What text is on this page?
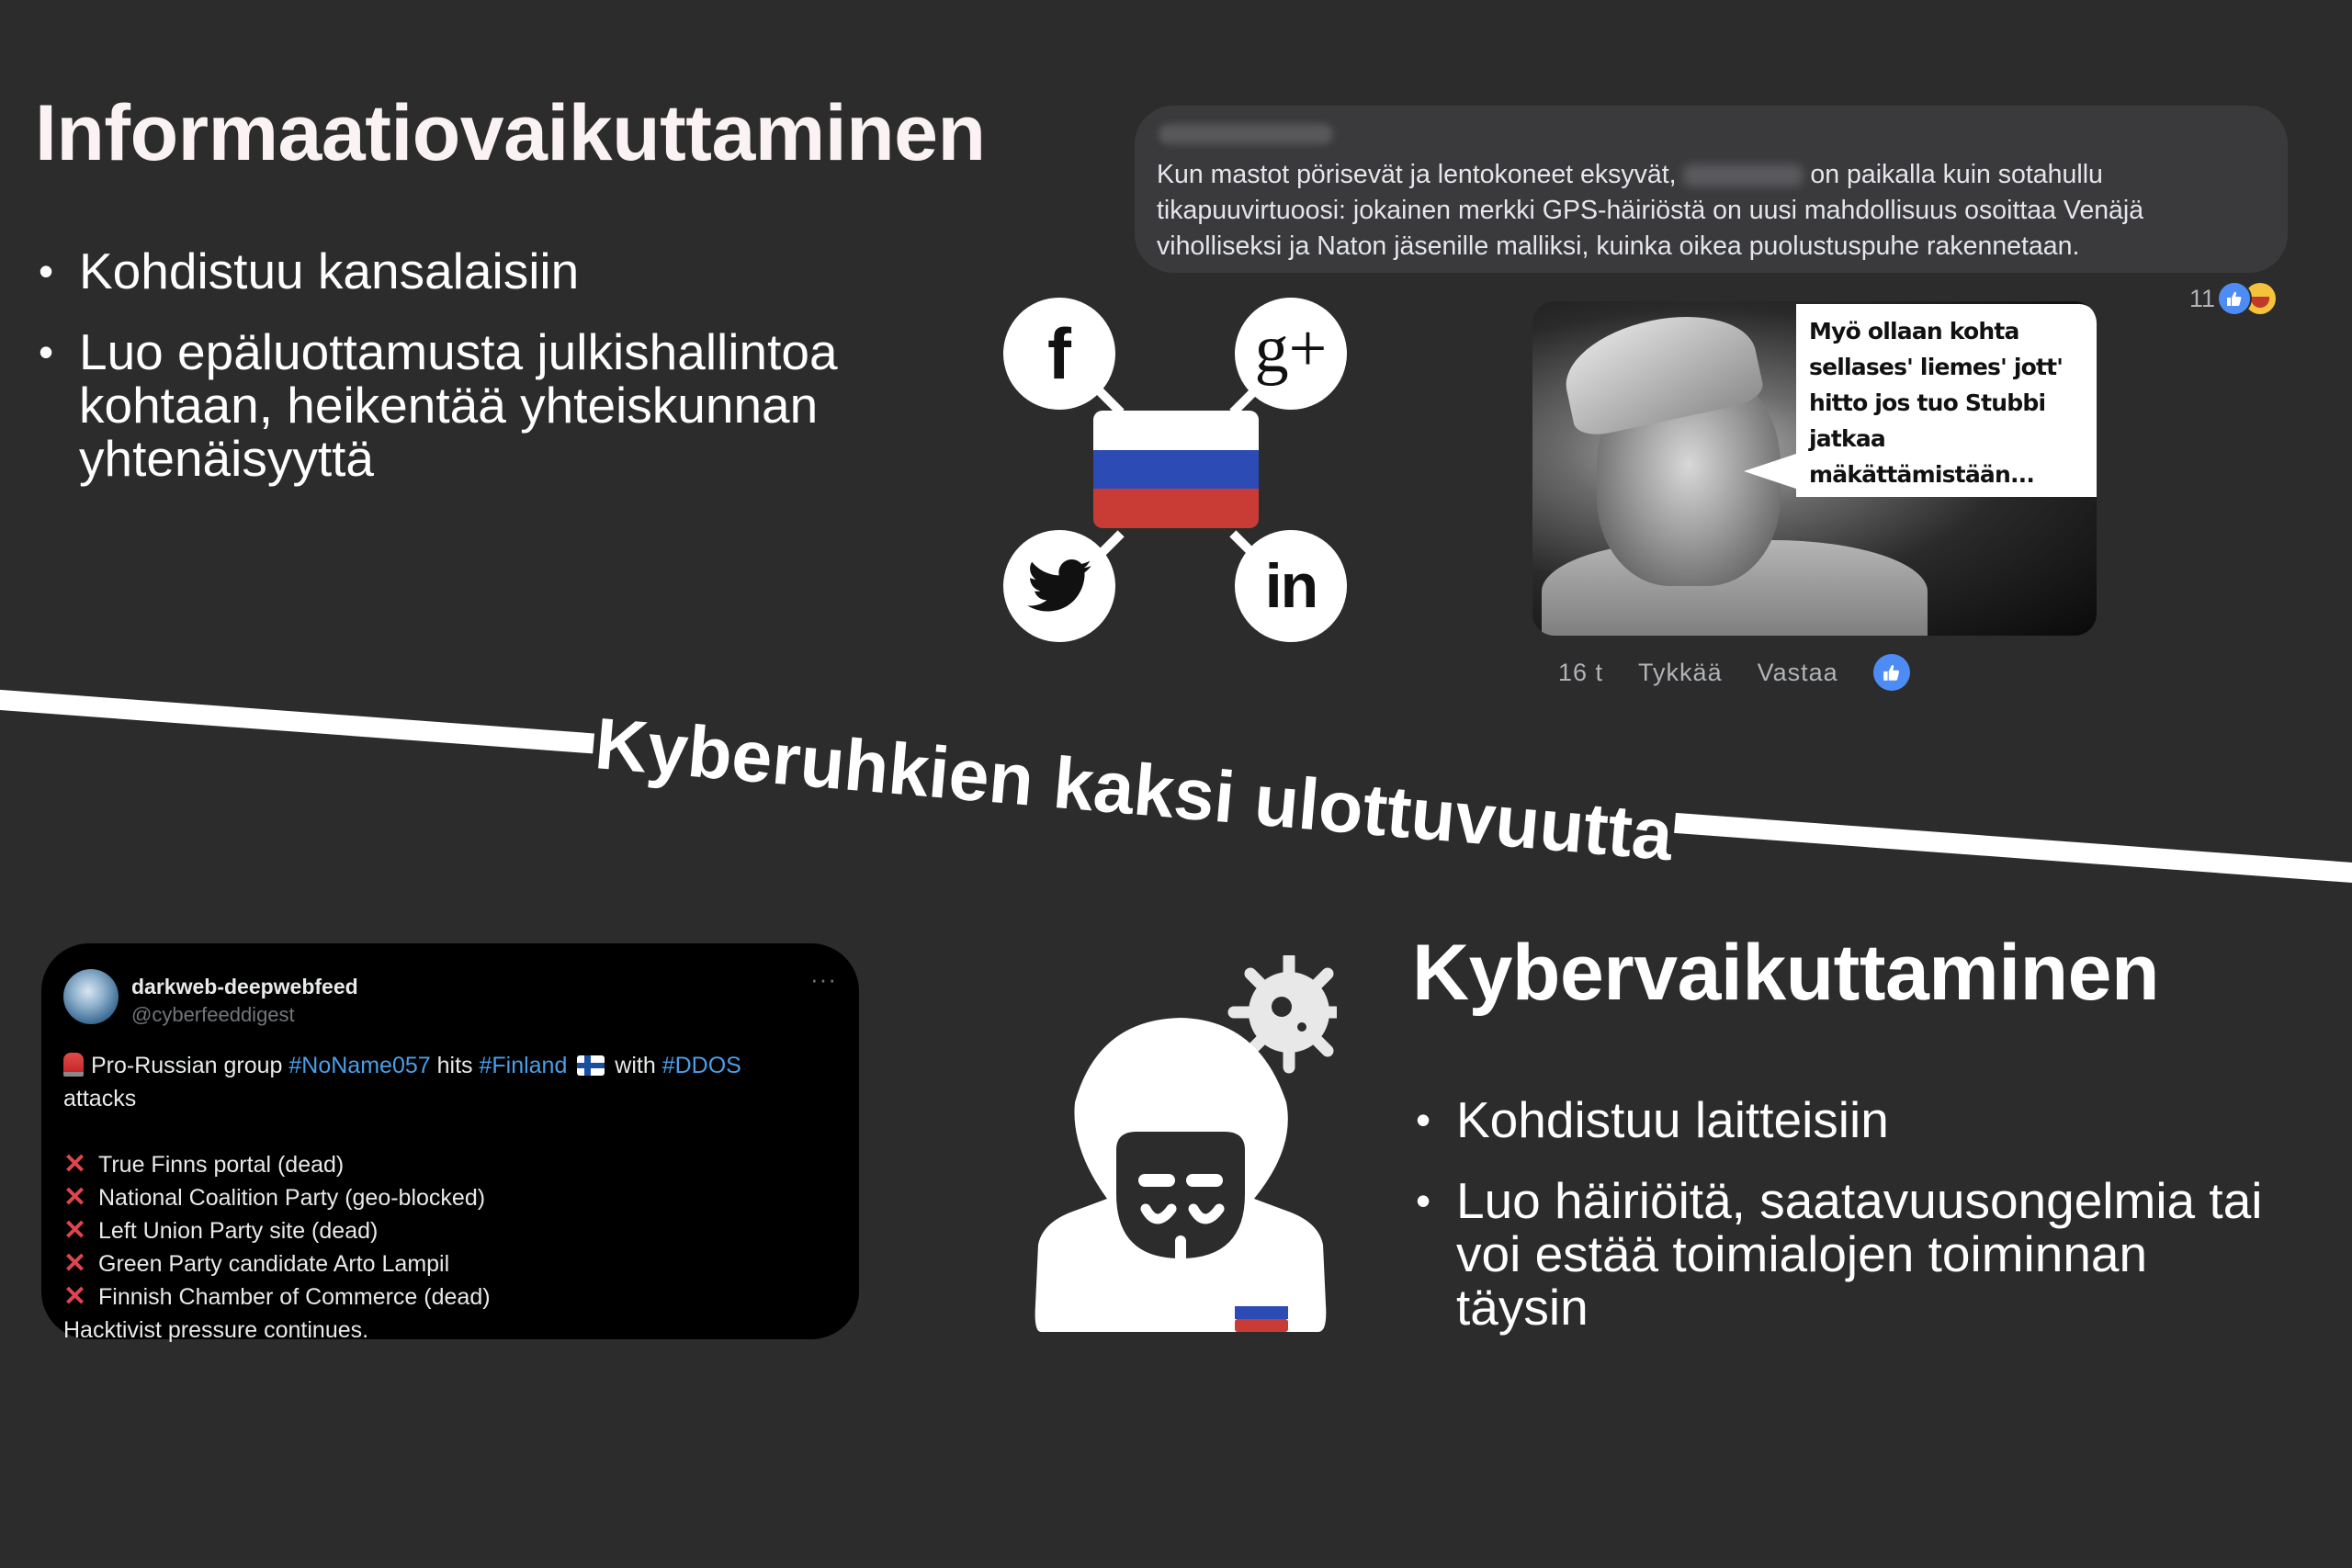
Informaatiovaikuttaminen
• Kohdistuu kansalaisiin
• Luo epäluottamusta julkishallintoa kohtaan, heikentää yhteiskunnan yhtenäisyyttä
Kun mastot pörisevät ja lentokoneet eksyvät,	on paikalla kuin sotahullu tikapuuvirtuoosi: jokainen merkki GPS-häiriöstä on uusi mahdollisuus osoittaa Venäjä viholliseksi ja Naton jäsenille malliksi, kuinka oikea puolustuspuhe rakennetaan.
11
Myö ollaan kohta
sellases' liemes' jott'
hitto jos tuo Stubbi
jatkaa
mäkättämistään...
16 t Tykkää Vastaa
f	g+
in
Kyberuhkien kaksi ulottuvuutta
darkweb-deepwebfeed
@cyberfeeddigest
···
Pro-Russian group #NoName057 hits #Finland with #DDOS
attacks
✕ True Finns portal (dead)
✕ National Coalition Party (geo-blocked)
✕ Left Union Party site (dead)
✕ Green Party candidate Arto Lampil
✕ Finnish Chamber of Commerce (dead)
Hacktivist pressure continues.
Kybervaikuttaminen
• Kohdistuu laitteisiin
• Luo häiriöitä, saatavuusongelmia tai voi estää toimialojen toiminnan täysin
